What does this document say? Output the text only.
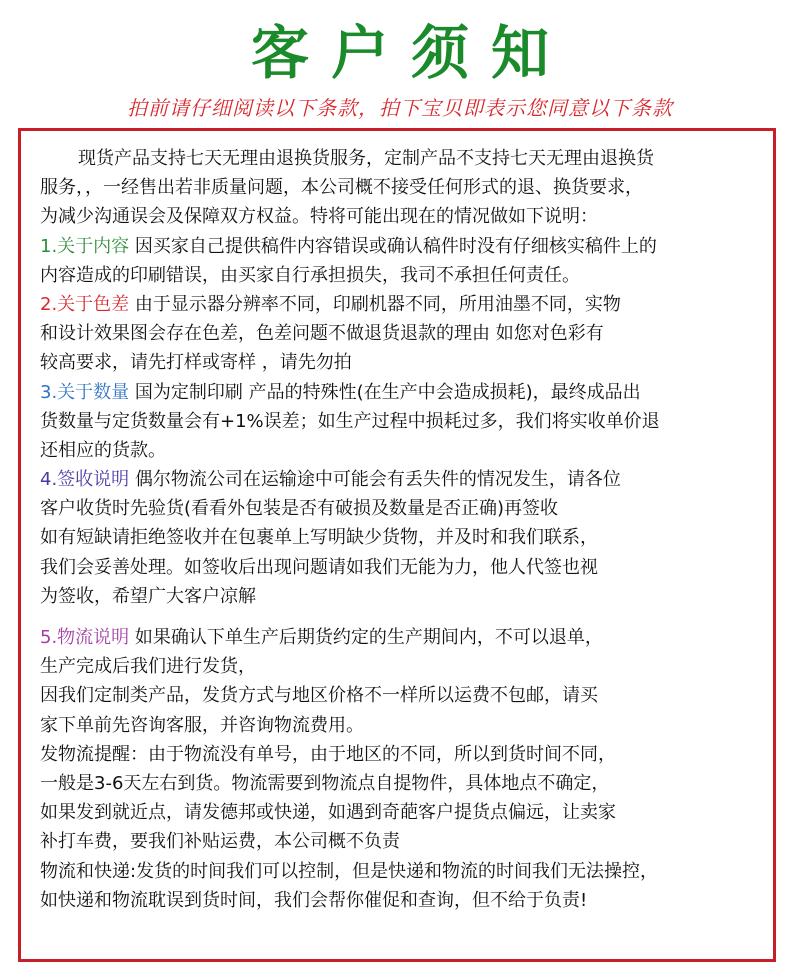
客户须知
拍前请仔细阅读以下条款，拍下宝贝即表示您同意以下条款
现货产品支持七天无理由退换货服务，定制产品不支持七天无理由退换货
服务，，一经售出若非质量问题，本公司概不接受任何形式的退、换货要求，
为减少沟通误会及保障双方权益。特将可能出现在的情况做如下说明：
1.关于内容 因买家自己提供稿件内容错误或确认稿件时没有仔细核实稿件上的
内容造成的印刷错误，由买家自行承担损失，我司不承担任何责任。
2.关于色差 由于显示器分辨率不同，印刷机器不同，所用油墨不同，实物
和设计效果图会存在色差，色差问题不做退货退款的理由 如您对色彩有
较高要求，请先打样或寄样 ，请先勿拍
3.关于数量 国为定制印刷 产品的特殊性(在生产中会造成损耗)，最终成品出
货数量与定货数量会有+1%误差；如生产过程中损耗过多，我们将实收单价退
还相应的货款。
4.签收说明 偶尔物流公司在运输途中可能会有丢失件的情况发生，请各位
客户收货时先验货(看看外包装是否有破损及数量是否正确)再签收
如有短缺请拒绝签收并在包裹单上写明缺少货物，并及时和我们联系，
我们会妥善处理。如签收后出现问题请如我们无能为力，他人代签也视
为签收，希望广大客户凉解
5.物流说明 如果确认下单生产后期货约定的生产期间内，不可以退单，
生产完成后我们进行发货，
因我们定制类产品，发货方式与地区价格不一样所以运费不包邮，请买
家下单前先咨询客服，并咨询物流费用。
发物流提醒：由于物流没有单号，由于地区的不同，所以到货时间不同，
一般是3-6天左右到货。物流需要到物流点自提物件，具体地点不确定，
如果发到就近点，请发德邦或快递，如遇到奇葩客户提货点偏远，让卖家
补打车费，要我们补贴运费，本公司概不负责
物流和快递:发货的时间我们可以控制，但是快递和物流的时间我们无法操控，
如快递和物流耽误到货时间，我们会帮你催促和查询，但不给于负责!
